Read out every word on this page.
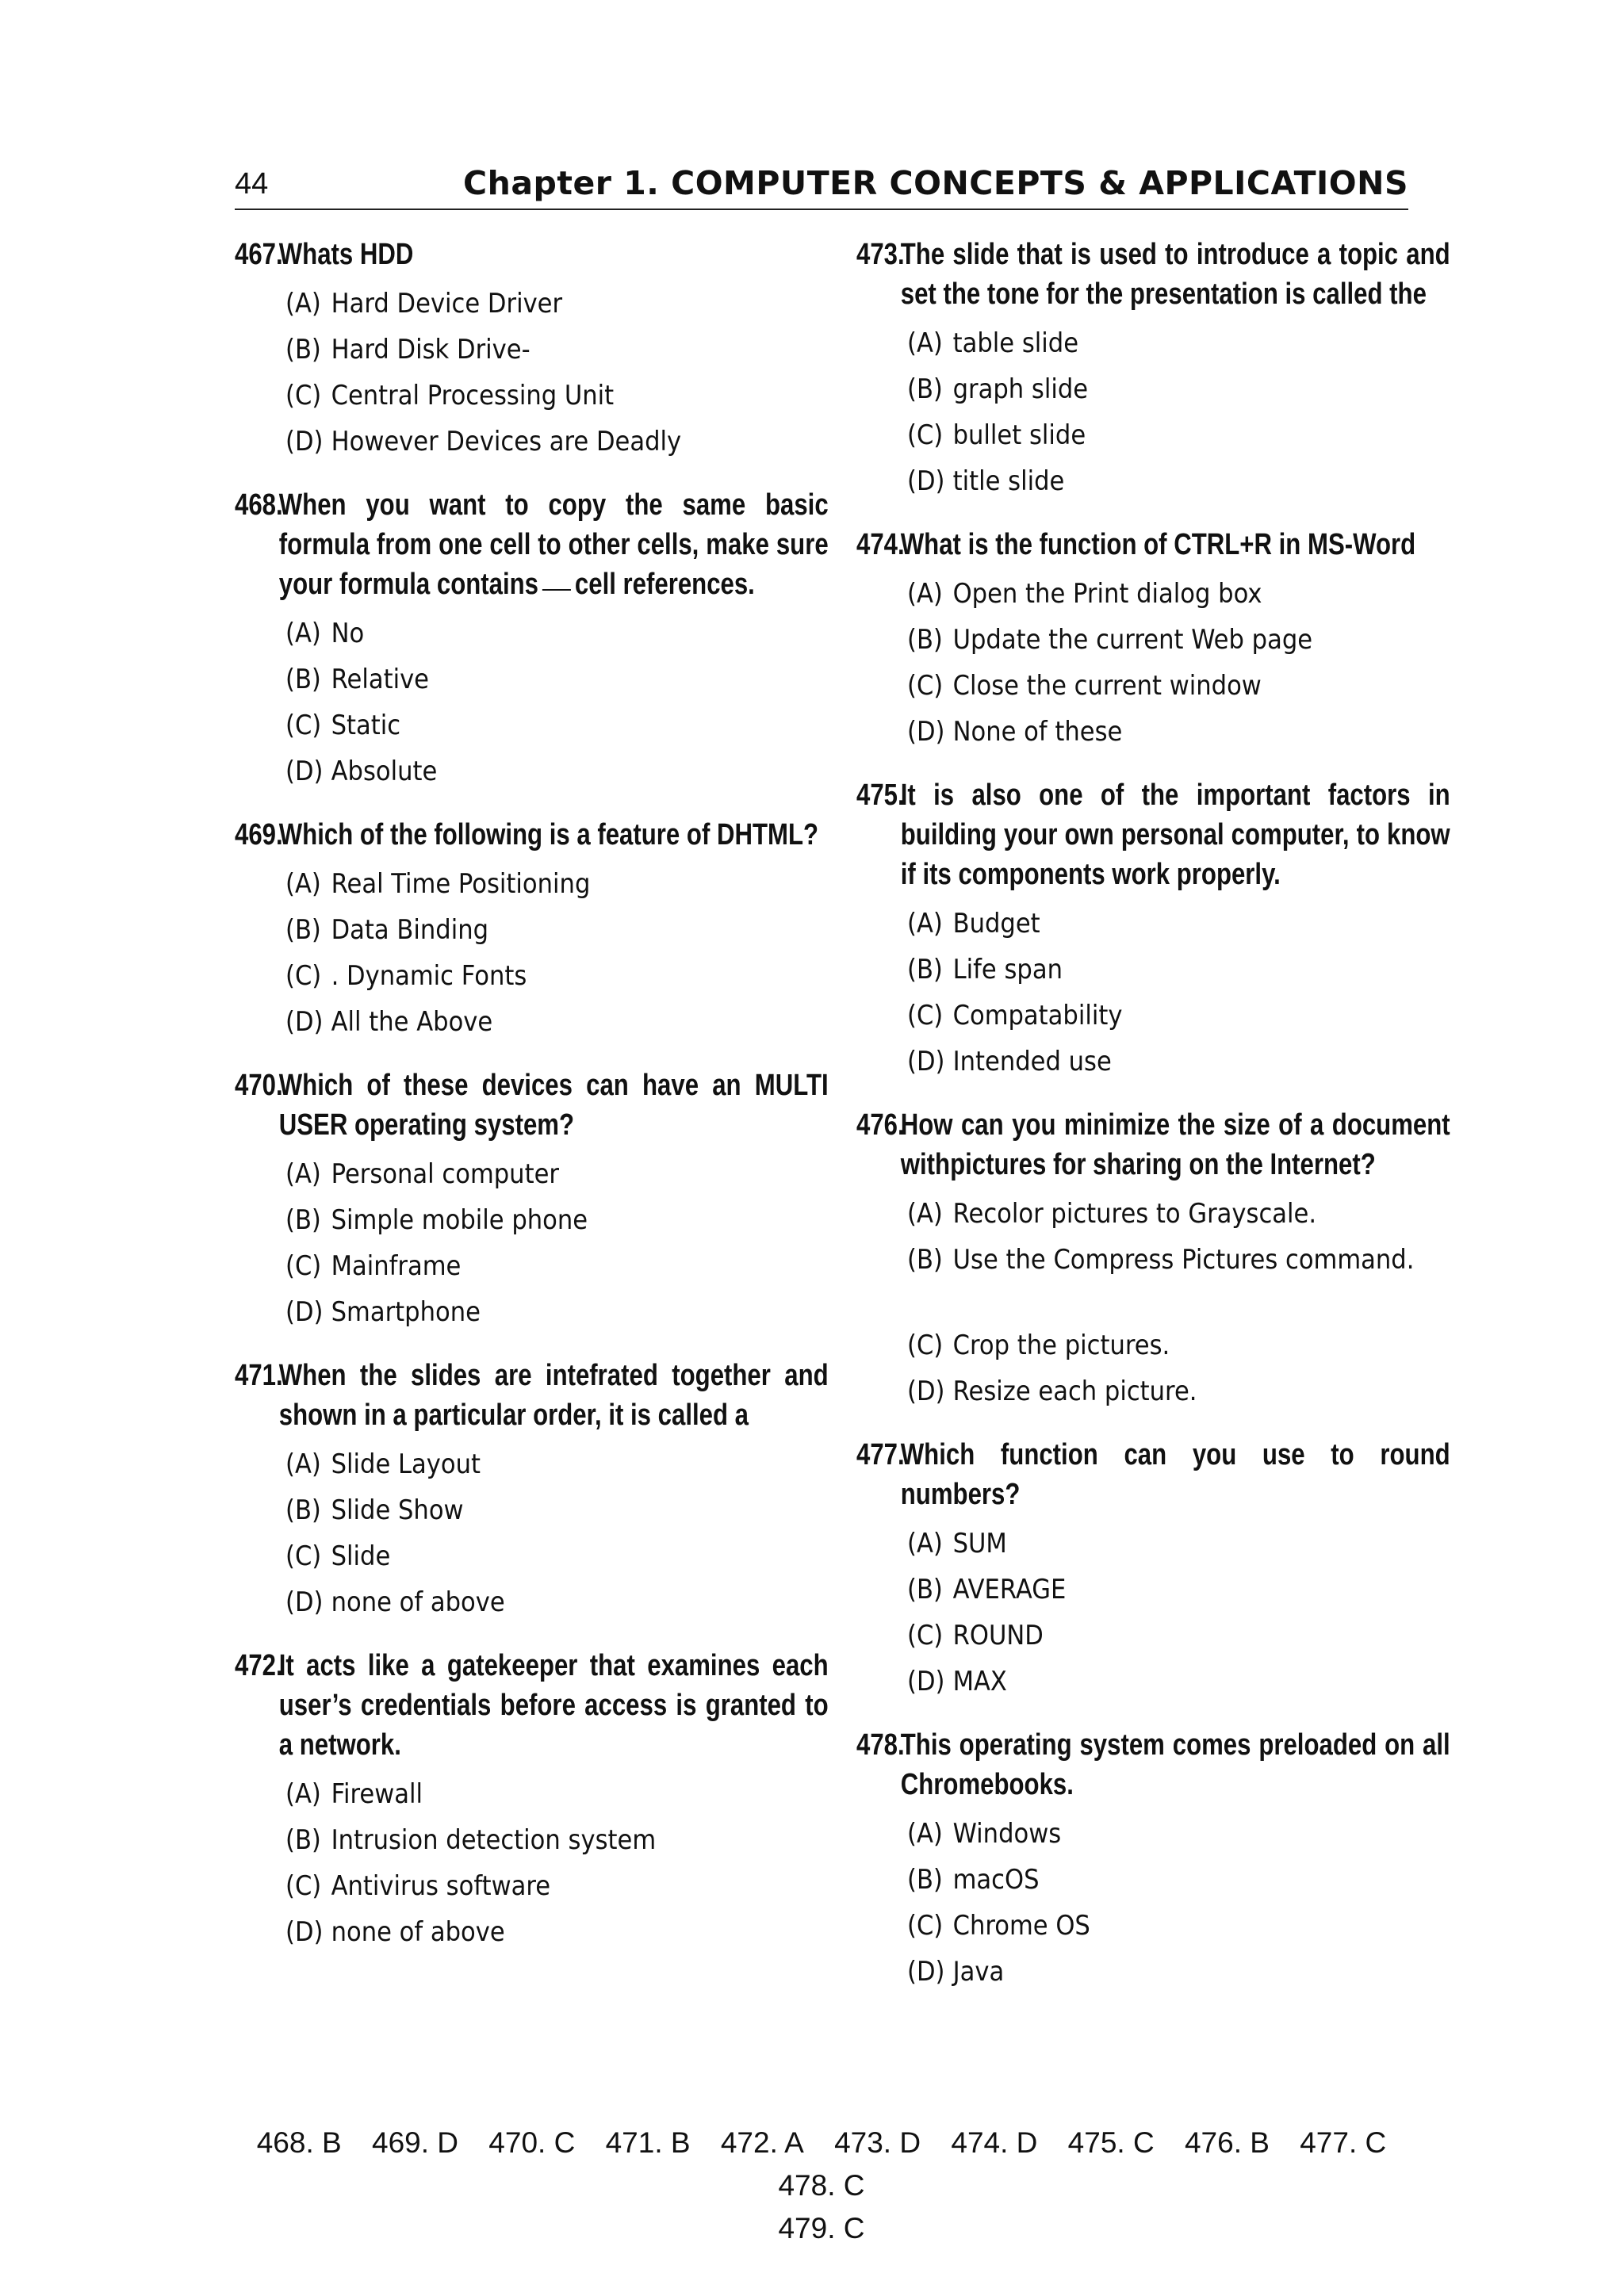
44	Chapter 1. COMPUTER CONCEPTS & APPLICATIONS
467.Whats HDD
(A) Hard Device Driver
(B) Hard Disk Drive-
(C) Central Processing Unit
(D) However Devices are Deadly
468.When you want to copy the same basic formula from one cell to other cells, make sure your formula contains cell references.
(A) No
(B) Relative
(C) Static
(D) Absolute
469.Which of the following is a feature of DHTML?
(A) Real Time Positioning
(B) Data Binding
(C) . Dynamic Fonts
(D) All the Above
470.Which of these devices can have an MULTI USER operating system?
(A) Personal computer
(B) Simple mobile phone
(C) Mainframe
(D) Smartphone
471.When the slides are intefrated together and shown in a particular order, it is called a
(A) Slide Layout
(B) Slide Show
(C) Slide
(D) none of above
472.It acts like a gatekeeper that examines each user’s credentials before access is granted to a network.
(A) Firewall
(B) Intrusion detection system
(C) Antivirus software
(D) none of above
473.The slide that is used to introduce a topic and set the tone for the presentation is called the
(A) table slide
(B) graph slide
(C) bullet slide
(D) title slide
474.What is the function of CTRL+R in MS-Word
(A) Open the Print dialog box
(B) Update the current Web page
(C) Close the current window
(D) None of these
475.It is also one of the important factors in building your own personal computer, to know if its components work properly.
(A) Budget
(B) Life span
(C) Compatability
(D) Intended use
476.How can you minimize the size of a document withpictures for sharing on the Internet?
(A) Recolor pictures to Grayscale.
(B) Use the Compress Pictures command.
(C) Crop the pictures.
(D) Resize each picture.
477.Which function can you use to round numbers?
(A) SUM
(B) AVERAGE
(C) ROUND
(D) MAX
478.This operating system comes preloaded on all Chromebooks.
(A) Windows
(B) macOS
(C) Chrome OS
(D) Java
468. B 469. D 470. C 471. B 472. A 473. D 474. D 475. C 476. B 477. C 478. C
479. C
